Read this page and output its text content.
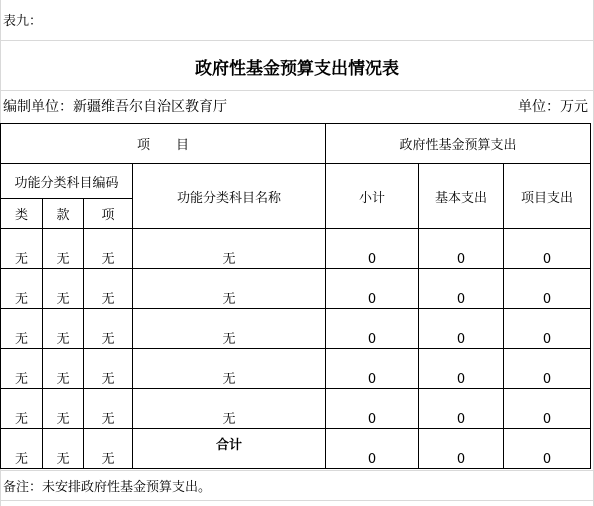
表九：
政府性基金预算支出情况表
编制单位：新疆维吾尔自治区教育厅	单位：万元
项　　目				政府性基金预算支出		
功能分类科目编码			功能分类科目名称	小计	基本支出	项目支出
类	款	项				
无	无	无	无	0	0	0
无	无	无	无	0	0	0
无	无	无	无	0	0	0
无	无	无	无	0	0	0
无	无	无	无	0	0	0
无	无	无	合计	0	0	0
备注：未安排政府性基金预算支出。
